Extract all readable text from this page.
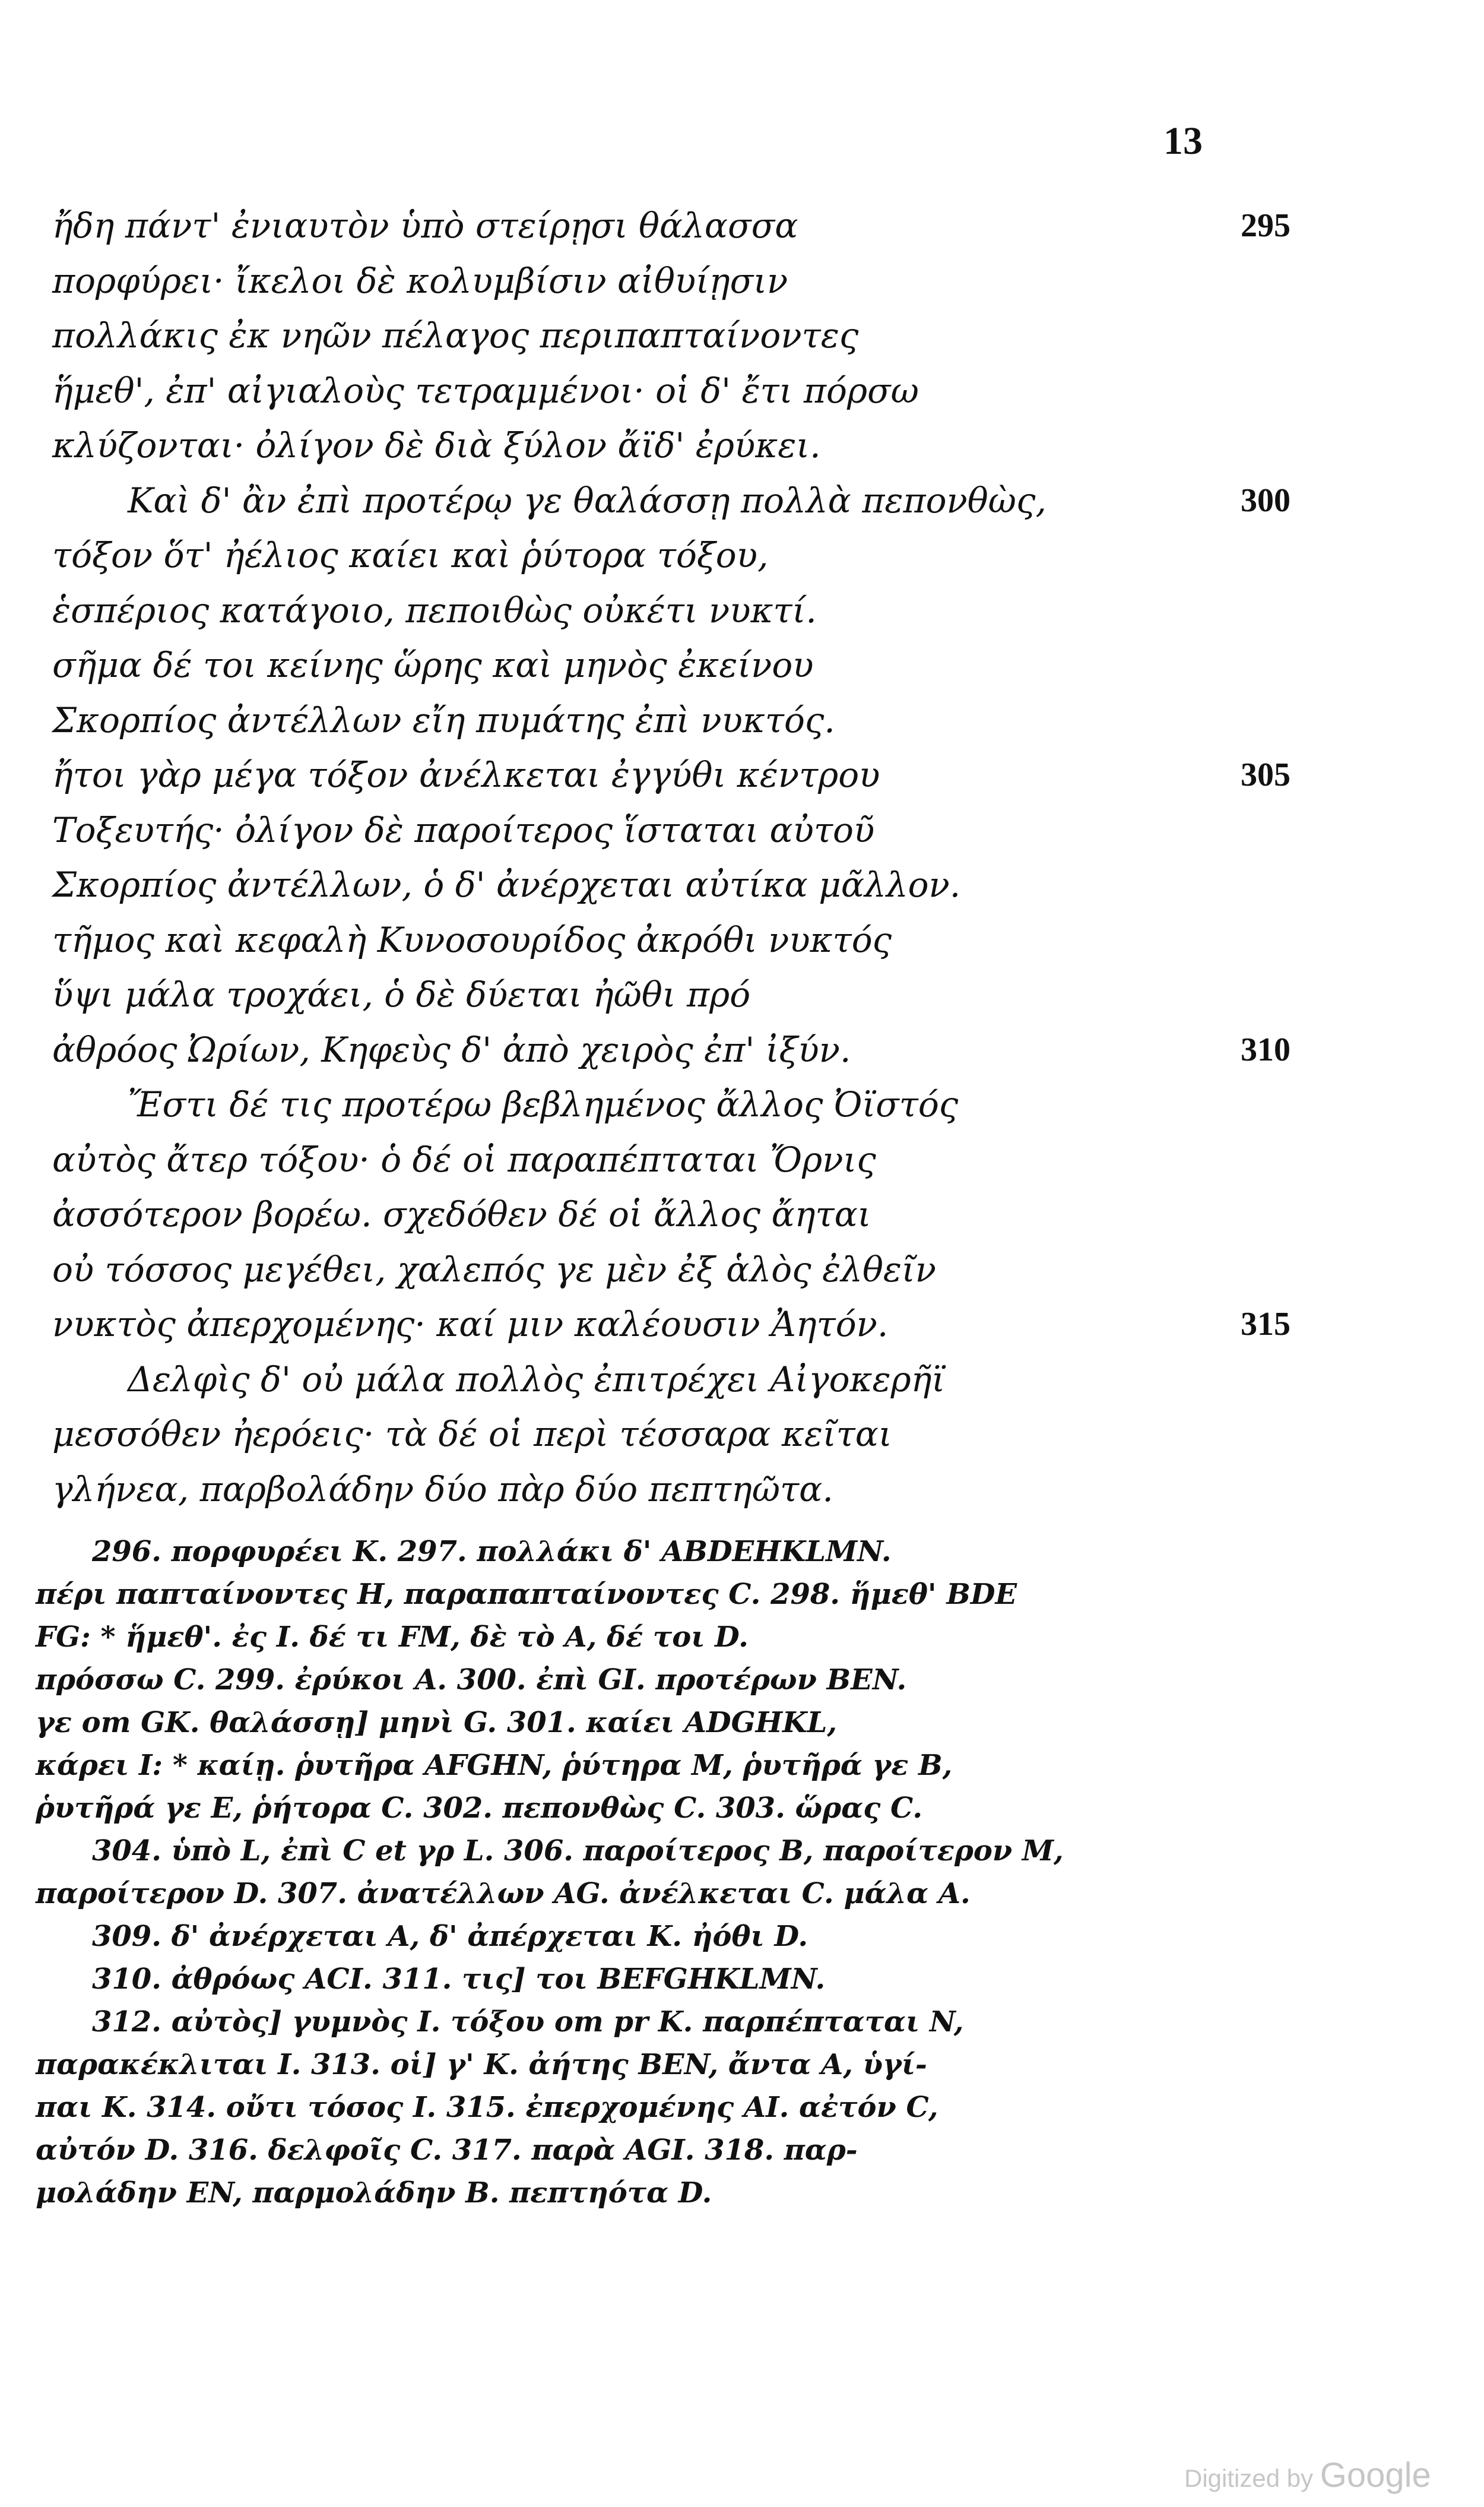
13
ἤδη πάντ' ἐνιαυτὸν ὑπὸ στείρῃσι θάλασσα	295
πορφύρει· ἴκελοι δὲ κολυμβίσιν αἰθυίῃσιν
πολλάκις ἐκ νηῶν πέλαγος περιπαπταίνοντες
ἥμεθ', ἐπ' αἰγιαλοὺς τετραμμένοι· οἱ δ' ἔτι πόρσω
κλύζονται· ὀλίγον δὲ διὰ ξύλον ἄϊδ' ἐρύκει.
Καὶ δ' ἂν ἐπὶ προτέρῳ γε θαλάσσῃ πολλὰ πεπονθὼς,	300
τόξον ὅτ' ἠέλιος καίει καὶ ῥύτορα τόξου,
ἑσπέριος κατάγοιο, πεποιθὼς οὐκέτι νυκτί.
σῆμα δέ τοι κείνης ὥρης καὶ μηνὸς ἐκείνου
Σκορπίος ἀντέλλων εἴη πυμάτης ἐπὶ νυκτός.
ἤτοι γὰρ μέγα τόξον ἀνέλκεται ἐγγύθι κέντρου	305
Τοξευτής· ὀλίγον δὲ παροίτερος ἵσταται αὐτοῦ
Σκορπίος ἀντέλλων, ὁ δ' ἀνέρχεται αὐτίκα μᾶλλον.
τῆμος καὶ κεφαλὴ Κυνοσουρίδος ἀκρόθι νυκτός
ὕψι μάλα τροχάει, ὁ δὲ δύεται ἠῶθι πρό
ἀθρόος Ὠρίων, Κηφεὺς δ' ἀπὸ χειρὸς ἐπ' ἰξύν.	310
Ἔστι δέ τις προτέρω βεβλημένος ἄλλος Ὀϊστός
αὐτὸς ἄτερ τόξου· ὁ δέ οἱ παραπέπταται Ὄρνις
ἀσσότερον βορέω. σχεδόθεν δέ οἱ ἄλλος ἄηται
οὐ τόσσος μεγέθει, χαλεπός γε μὲν ἐξ ἁλὸς ἐλθεῖν
νυκτὸς ἀπερχομένης· καί μιν καλέουσιν Ἀητόν.	315
Δελφὶς δ' οὐ μάλα πολλὸς ἐπιτρέχει Αἰγοκερῆϊ
μεσσόθεν ἠερόεις· τὰ δέ οἱ περὶ τέσσαρα κεῖται
γλήνεα, παρβολάδην δύο πὰρ δύο πεπτηῶτα.
296. πορφυρέει K. 297. πολλάκι δ' ABDEHKLMN.
πέρι παπταίνοντες H, παραπαπταίνοντες C. 298. ἥμεθ' BDE
FG: * ἥμεθ'. ἐς I. δέ τι FM, δὲ τὸ A, δέ τοι D.
πρόσσω C. 299. ἐρύκοι A. 300. ἐπὶ GI. προτέρων BEN.
γε om GK. θαλάσσῃ] μηνὶ G. 301. καίει ADGHKL,
κάρει I: * καίῃ. ῥυτῆρα AFGHN, ῥύτηρα M, ῥυτῆρά γε B,
ῥυτῆρά γε E, ῥήτορα C. 302. πεπονθὼς C. 303. ὥρας C.
304. ὑπὸ L, ἐπὶ C et γρ L. 306. παροίτερος B, παροίτερον M,
παροίτερον D. 307. ἀνατέλλων AG. ἀνέλκεται C. μάλα A.
309. δ' ἀνέρχεται A, δ' ἀπέρχεται K. ἠόθι D.
310. ἀθρόως ACI. 311. τις] τοι BEFGHKLMN.
312. αὐτὸς] γυμνὸς I. τόξου om pr K. παρπέπταται N,
παρακέκλιται I. 313. οἱ] γ' K. ἀήτης BEN, ἄντα A, ὑγί-
παι K. 314. οὔτι τόσος I. 315. ἐπερχομένης AI. αἐτόν C,
αὐτόν D. 316. δελφοῖς C. 317. παρὰ AGI. 318. παρ-
μολάδην EN, παρμολάδην B. πεπτηότα D.
Digitized by Google
